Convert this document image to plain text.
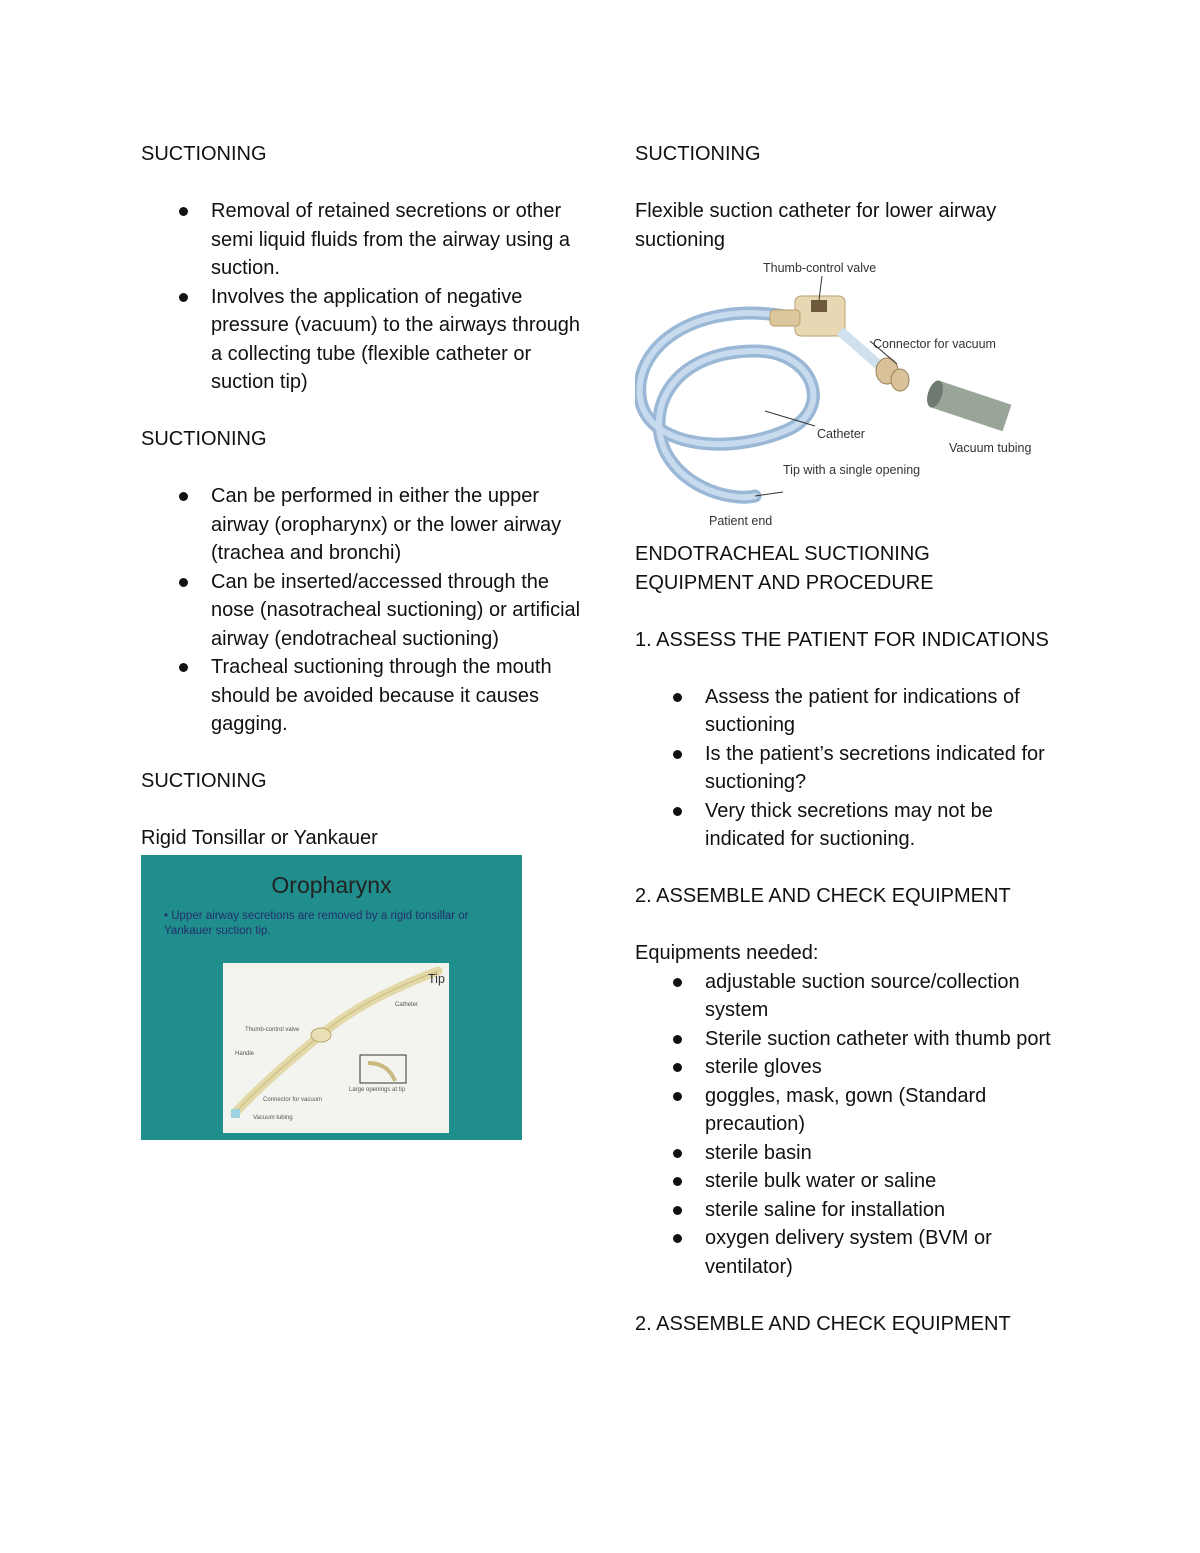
SUCTIONING

Removal of retained secretions or other semi liquid fluids from the airway using a suction.
Involves the application of negative pressure (vacuum) to the airways through a collecting tube (flexible catheter or suction tip)

SUCTIONING

Can be performed in either the upper airway (oropharynx) or the lower airway (trachea and bronchi)
Can be inserted/accessed through the nose (nasotracheal suctioning) or artificial airway (endotracheal suctioning)
Tracheal suctioning through the mouth should be avoided because it causes gagging.

SUCTIONING

Rigid Tonsillar or Yankauer

Oropharynx
• Upper airway secretions are removed by a rigid tonsillar or Yankauer suction tip.
Tip
Catheter
Thumb-control valve
Handle
Large openings at tip
Connector for vacuum
Vacuum tubing

SUCTIONING

Flexible suction catheter for lower airway suctioning

Thumb-control valve
Connector for vacuum
Catheter
Vacuum tubing
Tip with a single opening
Patient end

ENDOTRACHEAL SUCTIONING

EQUIPMENT AND PROCEDURE

1. ASSESS THE PATIENT FOR INDICATIONS

Assess the patient for indications of suctioning
Is the patient’s secretions indicated for suctioning?
Very thick secretions may not be indicated for suctioning.

2. ASSEMBLE AND CHECK EQUIPMENT

Equipments needed:

adjustable suction source/collection system
Sterile suction catheter with thumb port
sterile gloves
goggles, mask, gown (Standard precaution)
sterile basin
sterile bulk water or saline
sterile saline for installation
oxygen delivery system (BVM or ventilator)

2. ASSEMBLE AND CHECK EQUIPMENT
